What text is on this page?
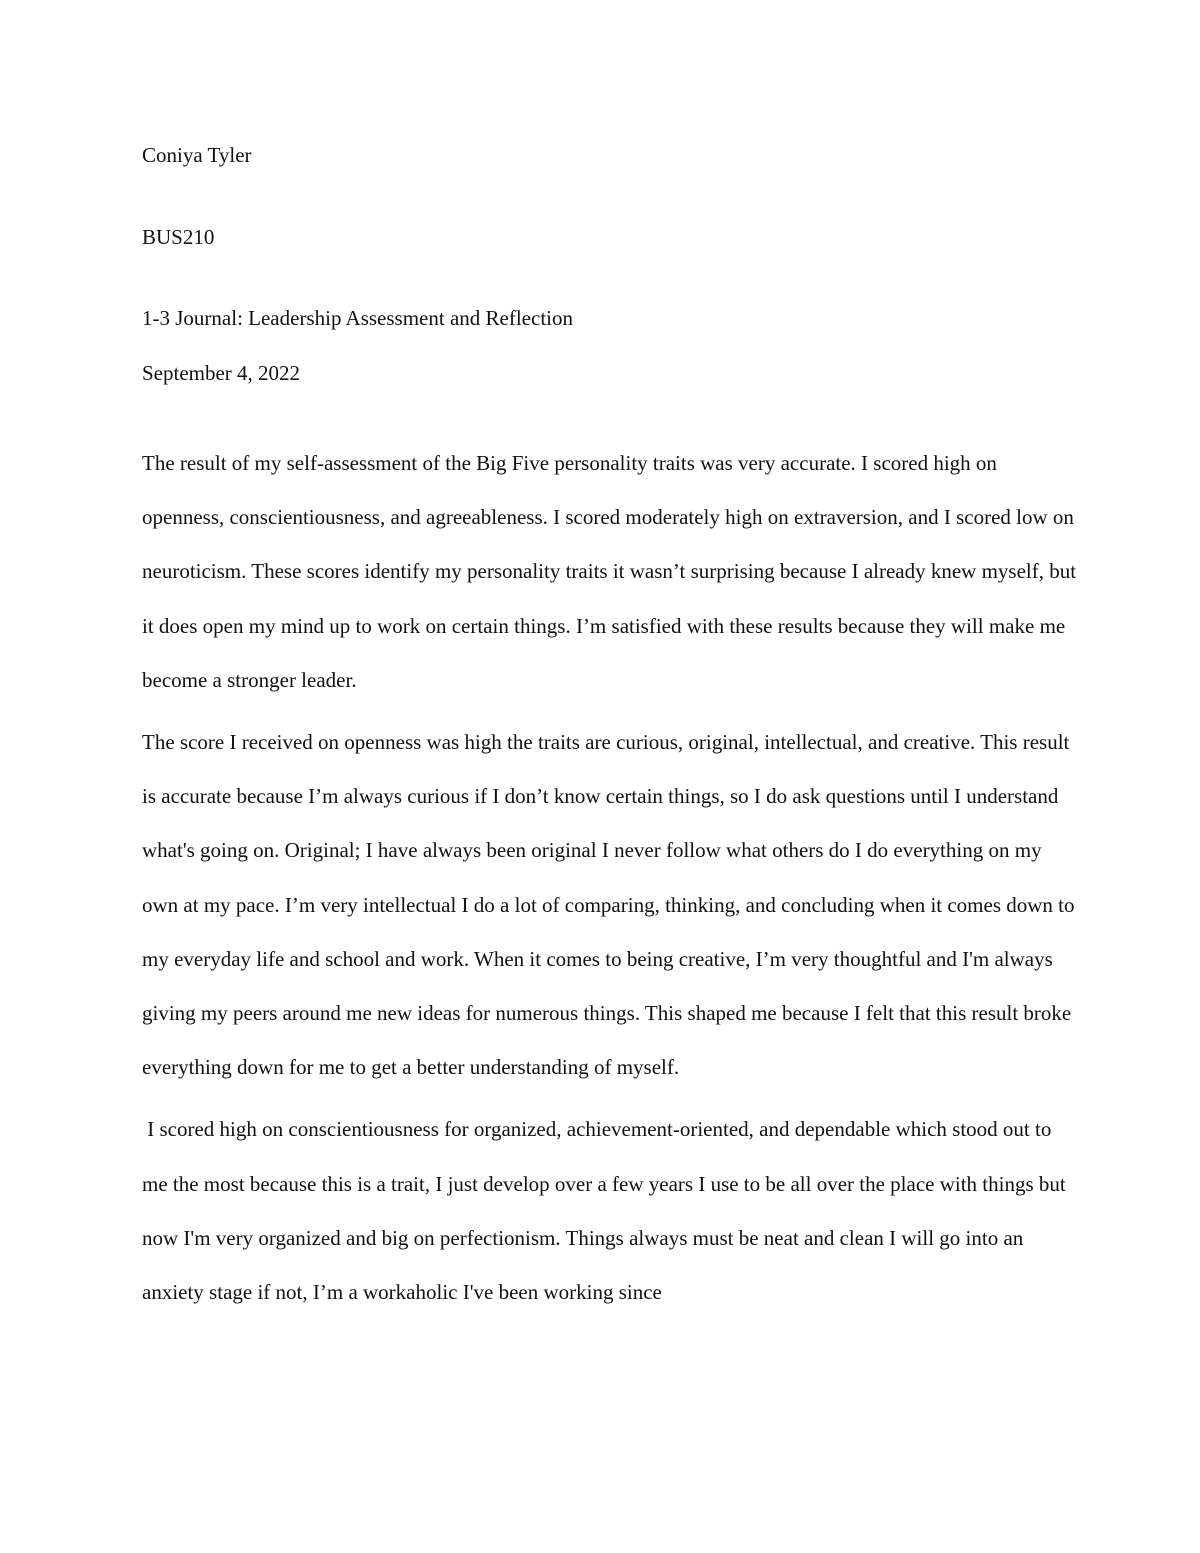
Coniya Tyler
BUS210
1-3 Journal: Leadership Assessment and Reflection
September 4, 2022

The result of my self-assessment of the Big Five personality traits was very accurate. I scored high on openness, conscientiousness, and agreeableness. I scored moderately high on extraversion, and I scored low on neuroticism. These scores identify my personality traits it wasn’t surprising because I already knew myself, but it does open my mind up to work on certain things. I’m satisfied with these results because they will make me become a stronger leader.

The score I received on openness was high the traits are curious, original, intellectual, and creative. This result is accurate because I’m always curious if I don’t know certain things, so I do ask questions until I understand what's going on. Original; I have always been original I never follow what others do I do everything on my own at my pace. I’m very intellectual I do a lot of comparing, thinking, and concluding when it comes down to my everyday life and school and work. When it comes to being creative, I’m very thoughtful and I'm always giving my peers around me new ideas for numerous things. This shaped me because I felt that this result broke everything down for me to get a better understanding of myself.

I scored high on conscientiousness for organized, achievement-oriented, and dependable which stood out to me the most because this is a trait, I just develop over a few years I use to be all over the place with things but now I'm very organized and big on perfectionism. Things always must be neat and clean I will go into an anxiety stage if not, I’m a workaholic I've been working since
